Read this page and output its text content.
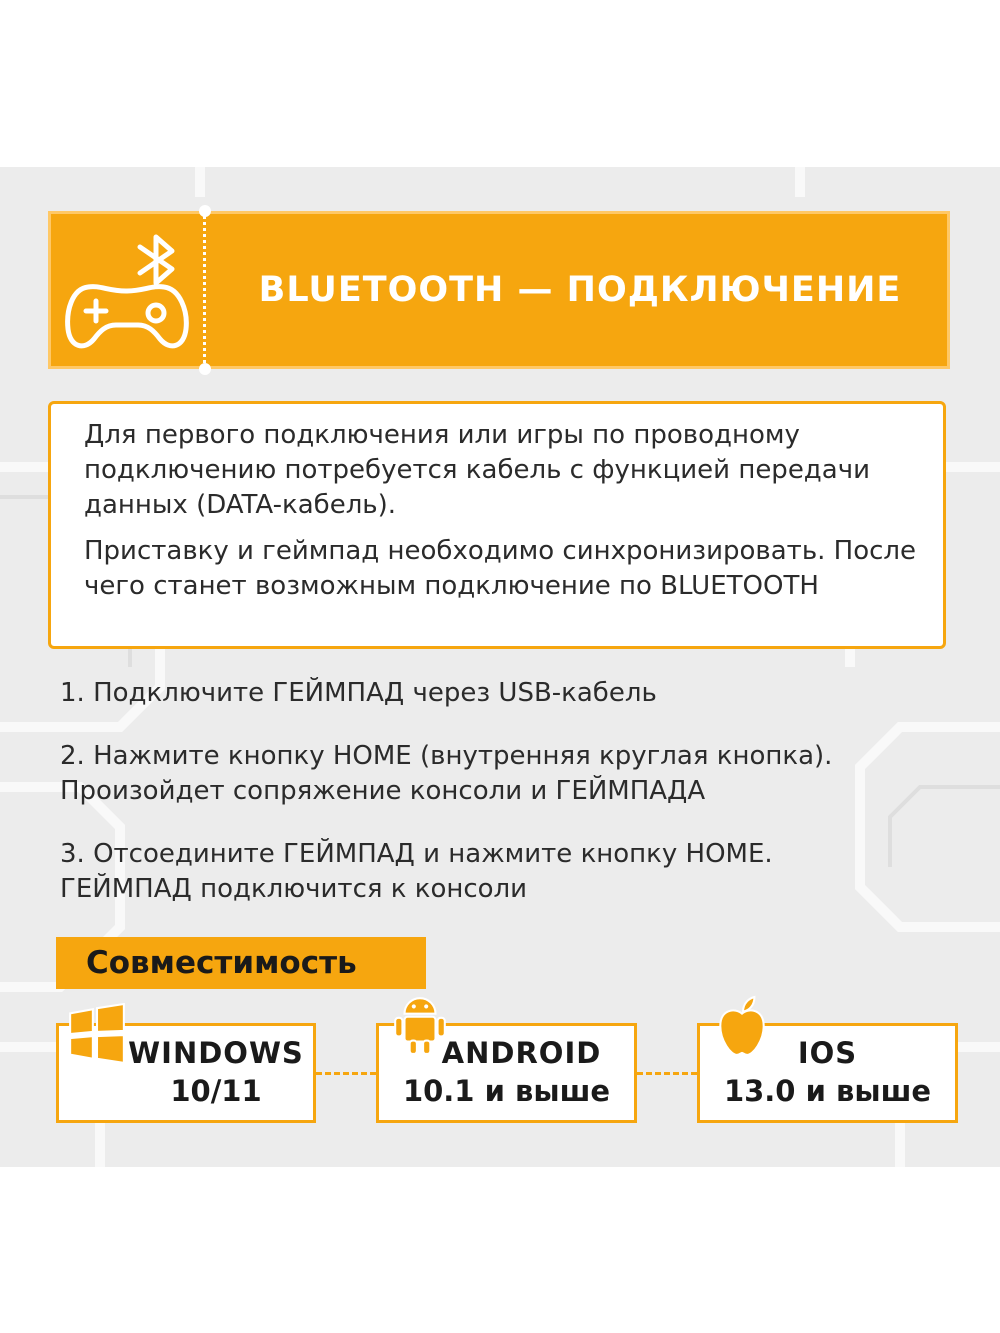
BLUETOOTH — ПОДКЛЮЧЕНИЕ

Для первого подключения или игры по проводному подключению потребуется кабель с функцией передачи данных (DATA-кабель).

Приставку и геймпад необходимо синхронизировать. После чего станет возможным подключение по BLUETOOTH

1. Подключите ГЕЙМПАД через USB-кабель

2. Нажмите кнопку HOME (внутренняя круглая кнопка). Произойдет сопряжение консоли и ГЕЙМПАДА

3. Отсоедините ГЕЙМПАД и нажмите кнопку HOME. ГЕЙМПАД подключится к консоли

Совместимость
WINDOWS
10/11
ANDROID
10.1 и выше
IOS
13.0 и выше
